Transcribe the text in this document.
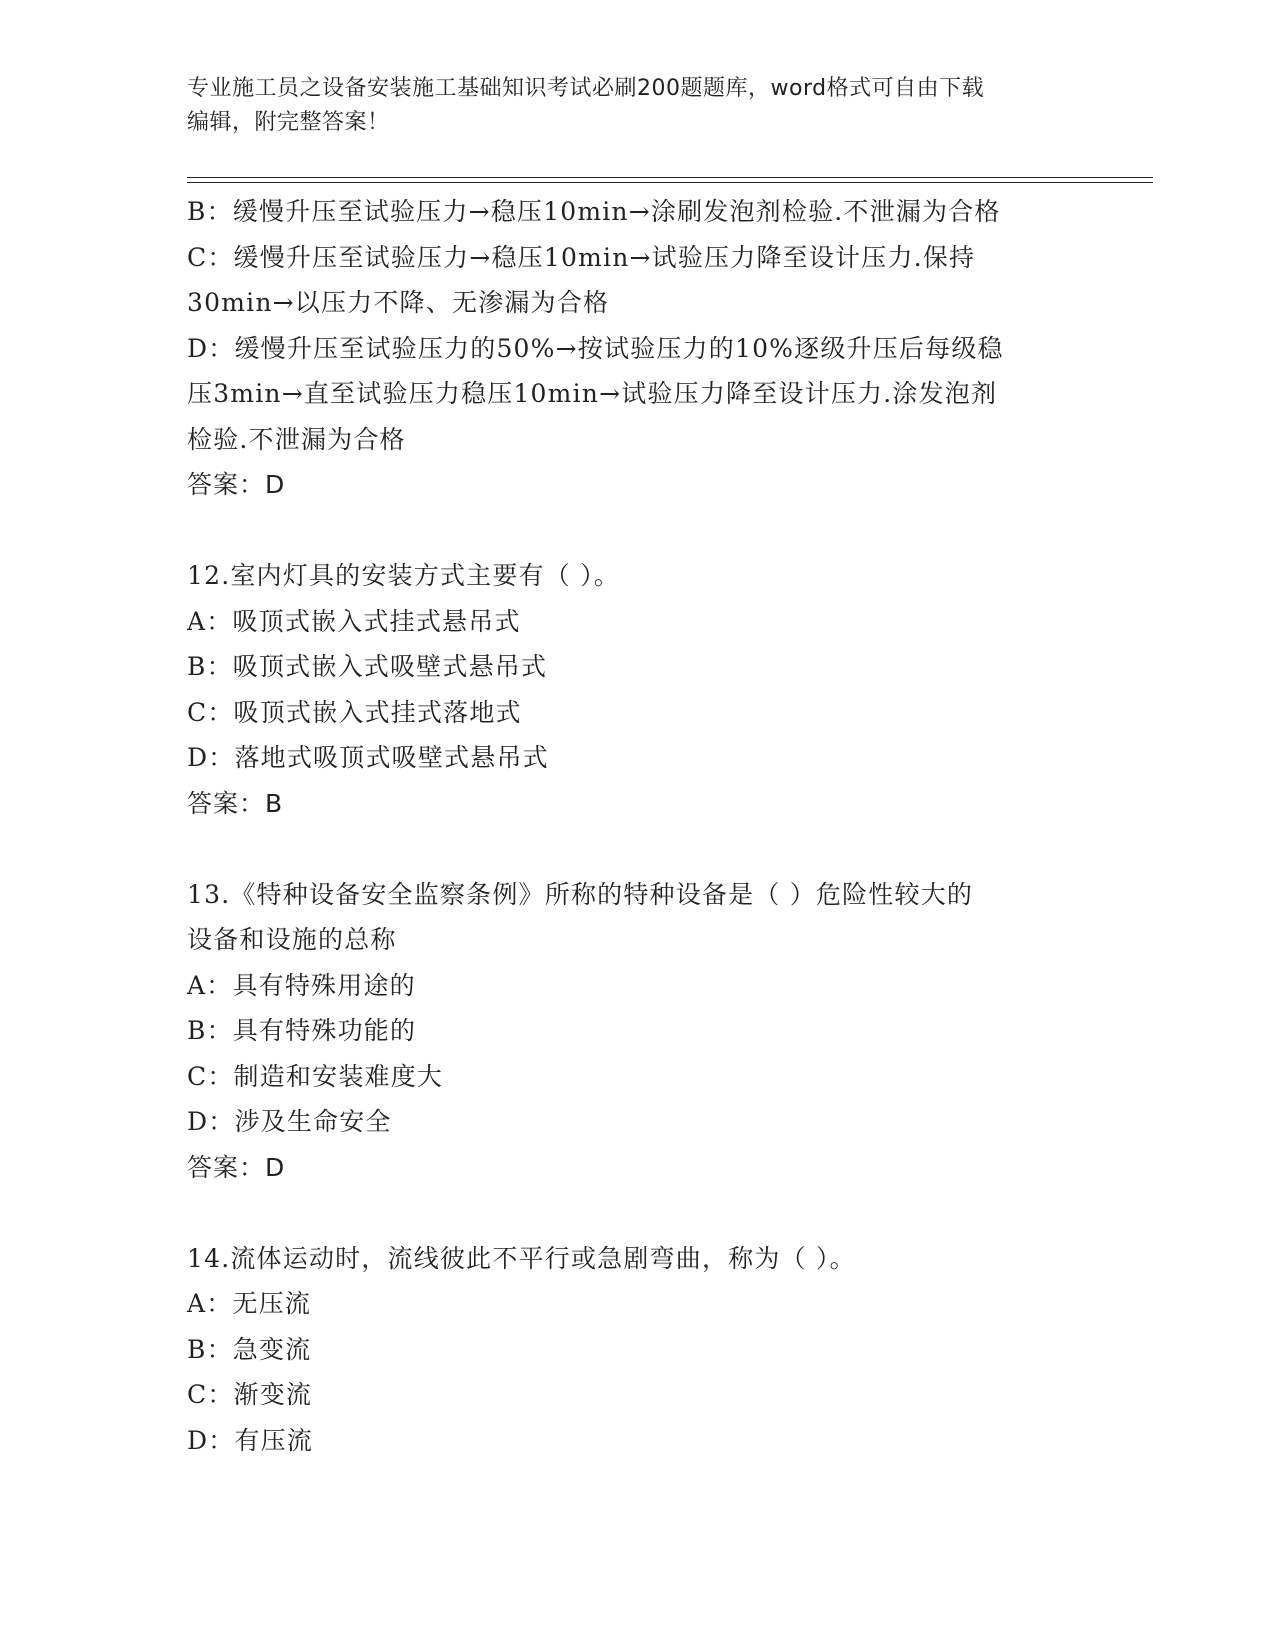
专业施工员之设备安装施工基础知识考试必刷200题题库，word格式可自由下载
编辑，附完整答案！
B：缓慢升压至试验压力→稳压10min→涂刷发泡剂检验.不泄漏为合格
C：缓慢升压至试验压力→稳压10min→试验压力降至设计压力.保持
30min→以压力不降、无渗漏为合格
D：缓慢升压至试验压力的50%→按试验压力的10%逐级升压后每级稳
压3min→直至试验压力稳压10min→试验压力降至设计压力.涂发泡剂
检验.不泄漏为合格
答案：D
12.室内灯具的安装方式主要有（ ）。
A：吸顶式嵌入式挂式悬吊式
B：吸顶式嵌入式吸壁式悬吊式
C：吸顶式嵌入式挂式落地式
D：落地式吸顶式吸壁式悬吊式
答案：B
13.《特种设备安全监察条例》所称的特种设备是（ ）危险性较大的
设备和设施的总称
A：具有特殊用途的
B：具有特殊功能的
C：制造和安装难度大
D：涉及生命安全
答案：D
14.流体运动时，流线彼此不平行或急剧弯曲，称为（ ）。
A：无压流
B：急变流
C：渐变流
D：有压流
